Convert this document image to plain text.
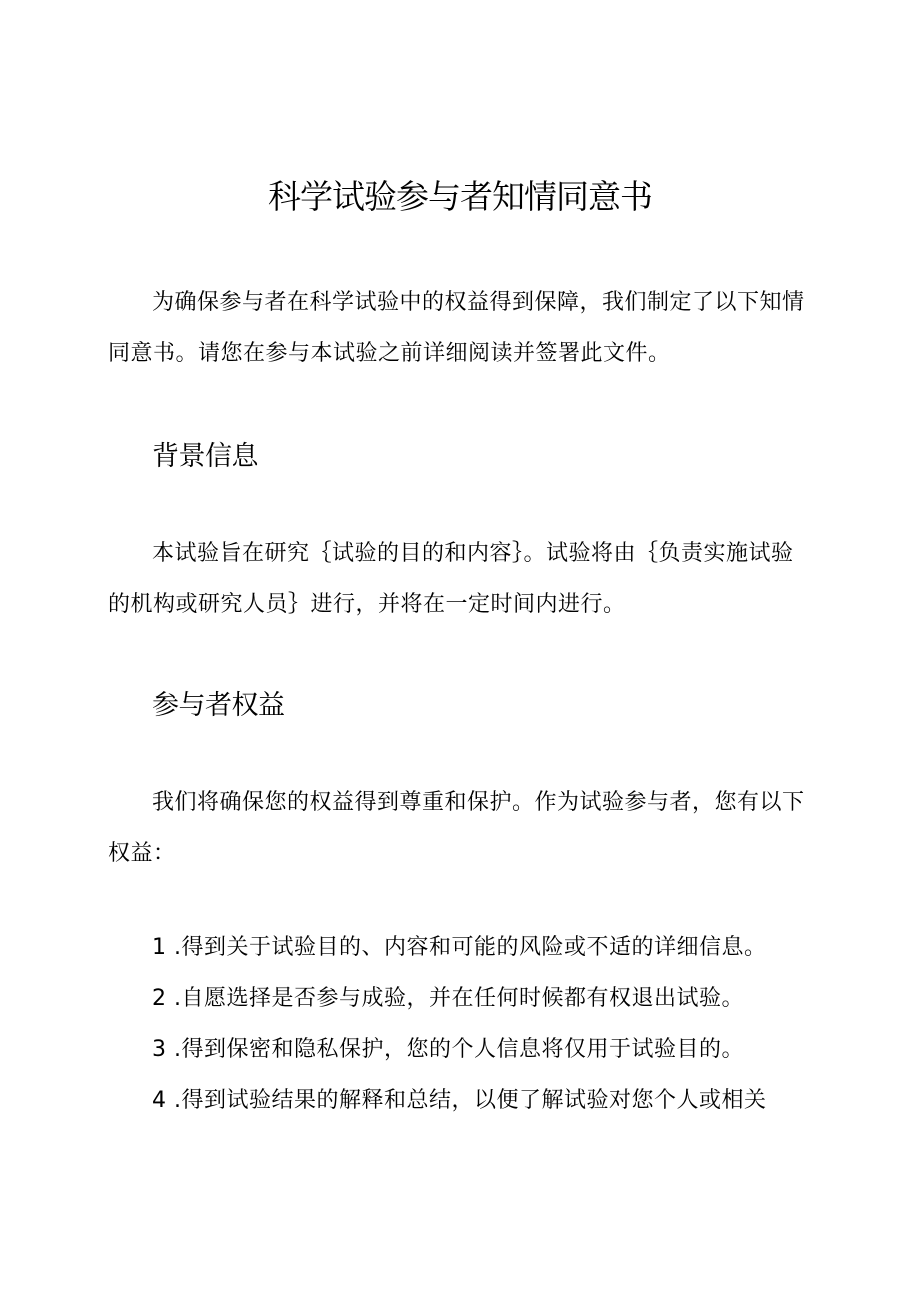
科学试验参与者知情同意书

为确保参与者在科学试验中的权益得到保障，我们制定了以下知情同意书。请您在参与本试验之前详细阅读并签署此文件。

背景信息

本试验旨在研究｛试验的目的和内容｝。试验将由｛负责实施试验的机构或研究人员｝进行，并将在一定时间内进行。

参与者权益

我们将确保您的权益得到尊重和保护。作为试验参与者，您有以下权益：

1 .得到关于试验目的、内容和可能的风险或不适的详细信息。
2 .自愿选择是否参与成验，并在任何时候都有权退出试验。
3 .得到保密和隐私保护，您的个人信息将仅用于试验目的。
4 .得到试验结果的解释和总结，以便了解试验对您个人或相关
